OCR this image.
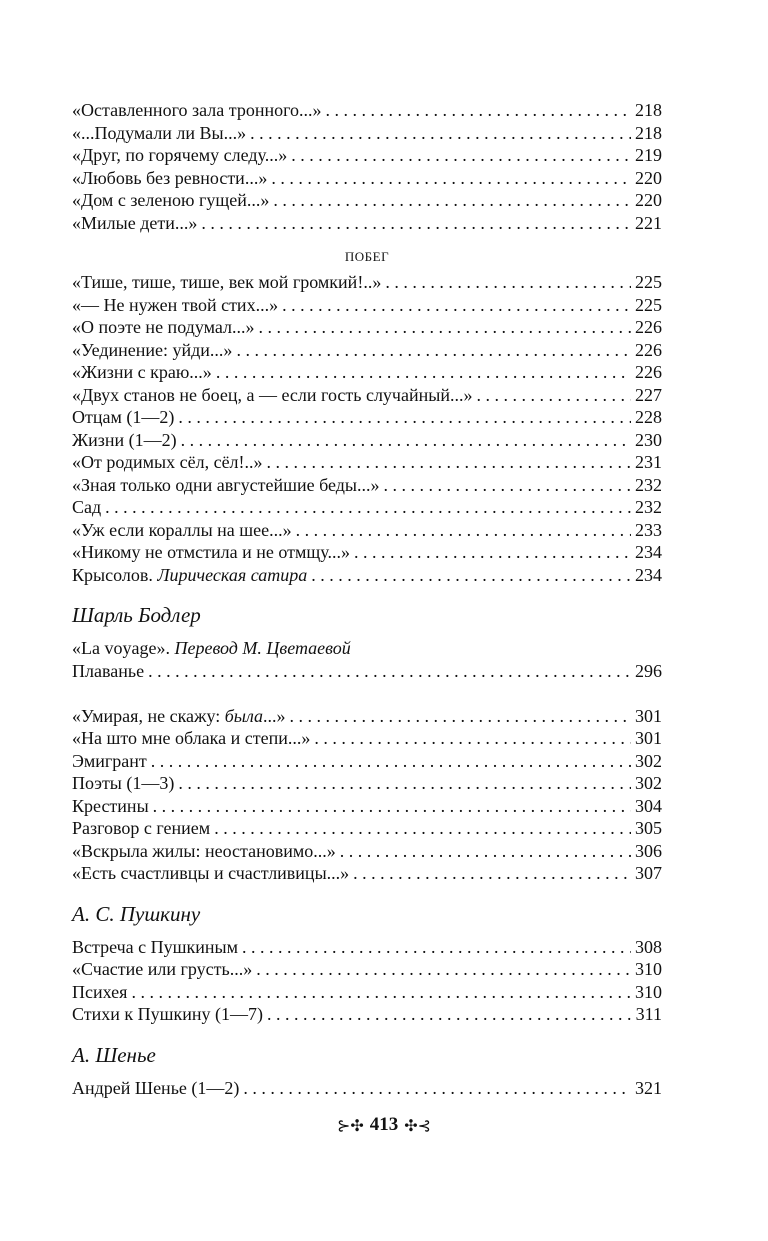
«Оставленного зала тронного...» . . .	218
«...Подумали ли Вы...» . . .	218
«Друг, по горячему следу...» . . .	219
«Любовь без ревности...» . . .	220
«Дом с зеленою гущей...» . . .	220
«Милые дети...» . . .	221
ПОБЕГ
«Тише, тише, тише, век мой громкий!..» . . .	225
«— Не нужен твой стих...» . . .	225
«О поэте не подумал...» . . .	226
«Уединение: уйди...» . . .	226
«Жизни с краю...» . . .	226
«Двух станов не боец, а — если гость случайный...» . . .	227
Отцам (1—2) . . .	228
Жизни (1—2) . . .	230
«От родимых сёл, сёл!..» . . .	231
«Зная только одни августейшие беды...» . . .	232
Сад . . .	232
«Уж если кораллы на шее...» . . .	233
«Никому не отмстила и не отмщу...» . . .	234
Крысолов. Лирическая сатира . . .	234
Шарль Бодлер
«La voyage». Перевод М. Цветаевой
Плаванье . . .	296
«Умирая, не скажу: была...» . . .	301
«На што мне облака и степи...» . . .	301
Эмигрант . . .	302
Поэты (1—3) . . .	302
Крестины . . .	304
Разговор с гением . . .	305
«Вскрыла жилы: неостановимо...» . . .	306
«Есть счастливцы и счастливицы...» . . .	307
А. С. Пушкину
Встреча с Пушкиным . . .	308
«Счастие или грусть...» . . .	310
Психея . . .	310
Стихи к Пушкину (1—7) . . .	311
А. Шенье
Андрей Шенье (1—2) . . .	321
⊱✣ 413 ✣⊰
